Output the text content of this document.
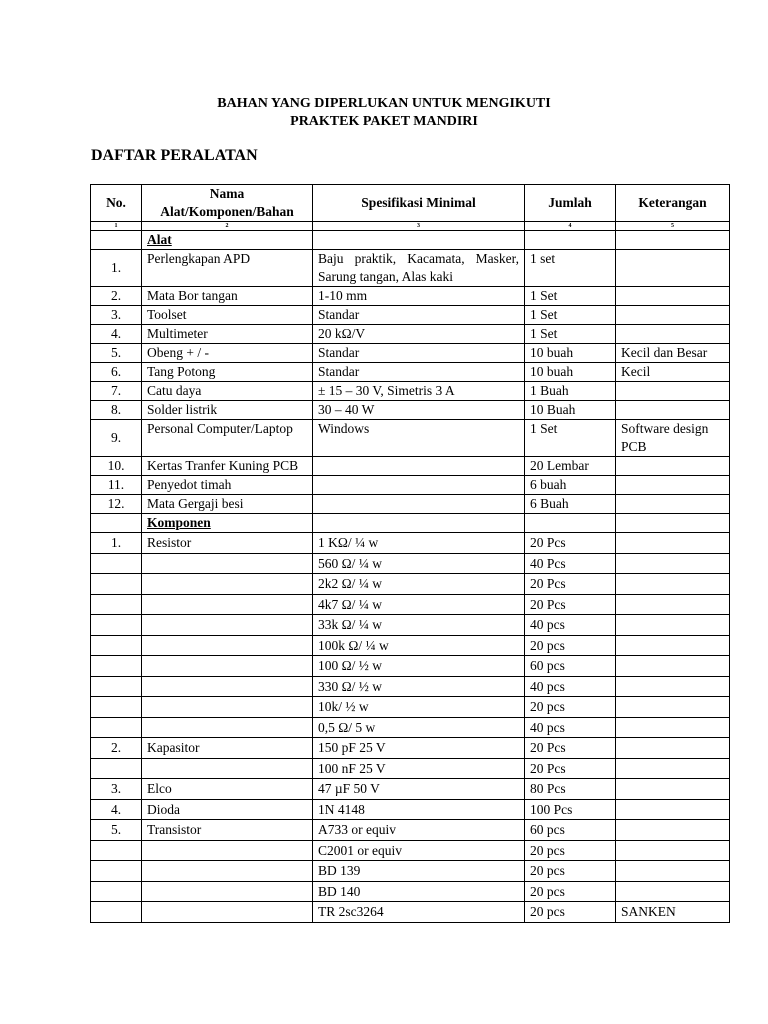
BAHAN YANG DIPERLUKAN UNTUK MENGIKUTI
PRAKTEK PAKET MANDIRI
DAFTAR PERALATAN
No.	Nama Alat/Komponen/Bahan	Spesifikasi Minimal	Jumlah	Keterangan
1	2	3	4	5
	Alat			
1.	Perlengkapan APD	Baju praktik, Kacamata, Masker, Sarung tangan, Alas kaki	1 set	
2.	Mata Bor tangan	1-10 mm	1 Set	
3.	Toolset	Standar	1 Set	
4.	Multimeter	20 kΩ/V	1 Set	
5.	Obeng + / -	Standar	10 buah	Kecil dan Besar
6.	Tang Potong	Standar	10 buah	Kecil
7.	Catu daya	± 15 – 30 V, Simetris 3 A	1 Buah	
8.	Solder listrik	30 – 40 W	10 Buah	
9.	Personal Computer/Laptop	Windows	1 Set	Software design PCB
10.	Kertas Tranfer Kuning PCB		20 Lembar	
11.	Penyedot timah		6 buah	
12.	Mata Gergaji besi		6 Buah	
	Komponen			
1.	Resistor	1 KΩ/ ¼ w	20 Pcs	
		560 Ω/ ¼ w	40 Pcs	
		2k2 Ω/ ¼ w	20 Pcs	
		4k7 Ω/ ¼ w	20 Pcs	
		33k Ω/ ¼ w	40 pcs	
		100k Ω/ ¼ w	20 pcs	
		100 Ω/ ½ w	60 pcs	
		330 Ω/ ½ w	40 pcs	
		10k/ ½ w	20 pcs	
		0,5 Ω/ 5 w	40 pcs	
2.	Kapasitor	150 pF 25 V	20 Pcs	
		100 nF 25 V	20 Pcs	
3.	Elco	47 µF 50 V	80 Pcs	
4.	Dioda	1N 4148	100 Pcs	
5.	Transistor	A733 or equiv	60 pcs	
		C2001 or equiv	20 pcs	
		BD 139	20 pcs	
		BD 140	20 pcs	
		TR 2sc3264	20 pcs	SANKEN
